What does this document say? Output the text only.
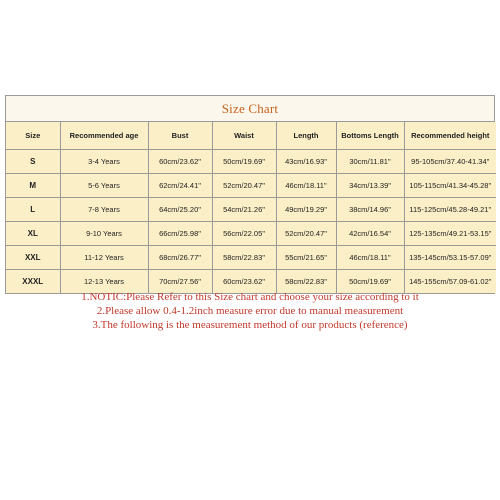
Size Chart
Size	Recommended age	Bust	Waist	Length	Bottoms Length	Recommended height
S	3-4 Years	60cm/23.62"	50cm/19.69"	43cm/16.93"	30cm/11.81"	95-105cm/37.40-41.34"
M	5-6 Years	62cm/24.41"	52cm/20.47"	46cm/18.11"	34cm/13.39"	105-115cm/41.34-45.28"
L	7-8 Years	64cm/25.20"	54cm/21.26"	49cm/19.29"	38cm/14.96"	115-125cm/45.28-49.21"
XL	9-10 Years	66cm/25.98"	56cm/22.05"	52cm/20.47"	42cm/16.54"	125-135cm/49.21-53.15"
XXL	11-12 Years	68cm/26.77"	58cm/22.83"	55cm/21.65"	46cm/18.11"	135-145cm/53.15-57.09"
XXXL	12-13 Years	70cm/27.56"	60cm/23.62"	58cm/22.83"	50cm/19.69"	145-155cm/57.09-61.02"
1.NOTIC:Please Refer to this Size chart and choose your size according to it
2.Please allow 0.4-1.2inch measure error due to manual measurement
3.The following is the measurement method of our products (reference)
